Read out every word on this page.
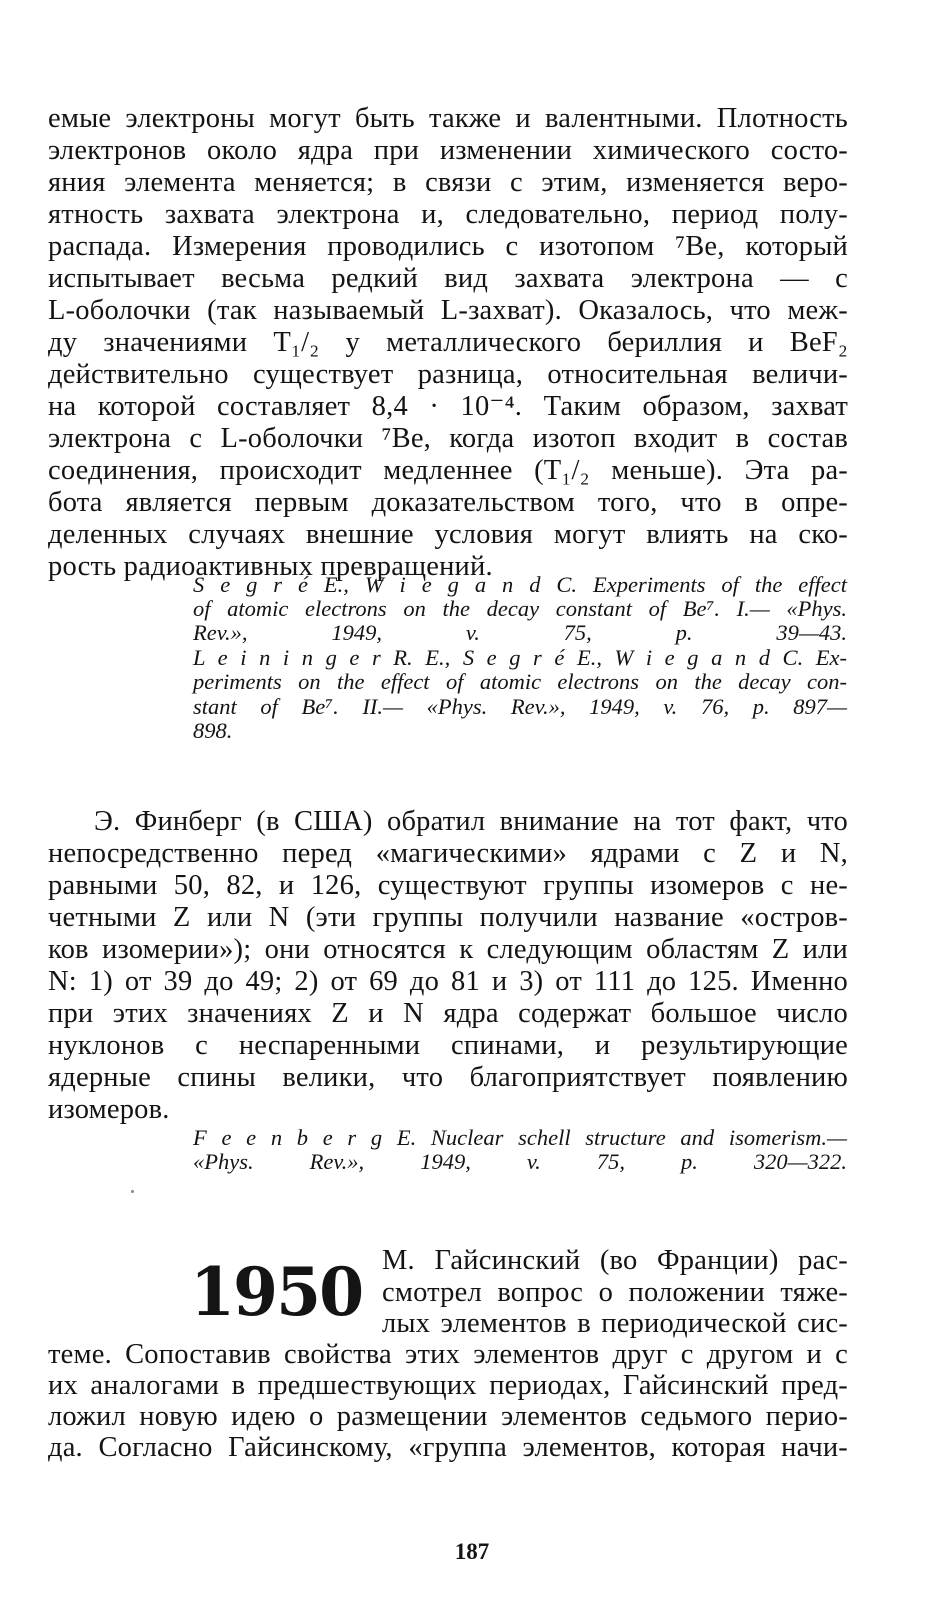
емые электроны могут быть также и валентными. Плотность
электронов около ядра при изменении химического состо-
яния элемента меняется; в связи с этим, изменяется веро-
ятность захвата электрона и, следовательно, период полу-
распада. Измерения проводились с изотопом ⁷Be, который
испытывает весьма редкий вид захвата электрона — с
L-оболочки (так называемый L-захват). Оказалось, что меж-
ду значениями T₁/₂ у металлического бериллия и BeF₂
действительно существует разница, относительная величи-
на которой составляет 8,4 · 10⁻⁴. Таким образом, захват
электрона с L-оболочки ⁷Be, когда изотоп входит в состав
соединения, происходит медленнее (T₁/₂ меньше). Эта ра-
бота является первым доказательством того, что в опре-
деленных случаях внешние условия могут влиять на ско-
рость радиоактивных превращений.
S e g r é E., W i e g a n d C. Experiments of the effect
of atomic electrons on the decay constant of Be⁷. I.— «Phys.
Rev.», 1949, v. 75, p. 39—43.
L e i n i n g e r R. E., S e g r é E., W i e g a n d C. Ex-
periments on the effect of atomic electrons on the decay con-
stant of Be⁷. II.— «Phys. Rev.», 1949, v. 76, p. 897—
898.
Э. Финберг (в США) обратил внимание на тот факт, что
непосредственно перед «магическими» ядрами с Z и N,
равными 50, 82, и 126, существуют группы изомеров с не-
четными Z или N (эти группы получили название «остров-
ков изомерии»); они относятся к следующим областям Z или
N: 1) от 39 до 49; 2) от 69 до 81 и 3) от 111 до 125. Именно
при этих значениях Z и N ядра содержат большое число
нуклонов с неспаренными спинами, и результирующие
ядерные спины велики, что благоприятствует появлению
изомеров.
F e e n b e r g E. Nuclear schell structure and isomerism.—
«Phys. Rev.», 1949, v. 75, p. 320—322.
1950 М. Гайсинский (во Франции) рас-
смотрел вопрос о положении тяже-
лых элементов в периодической сис-
теме. Сопоставив свойства этих элементов друг с другом и с
их аналогами в предшествующих периодах, Гайсинский пред-
ложил новую идею о размещении элементов седьмого перио-
да. Согласно Гайсинскому, «группа элементов, которая начи-
187
